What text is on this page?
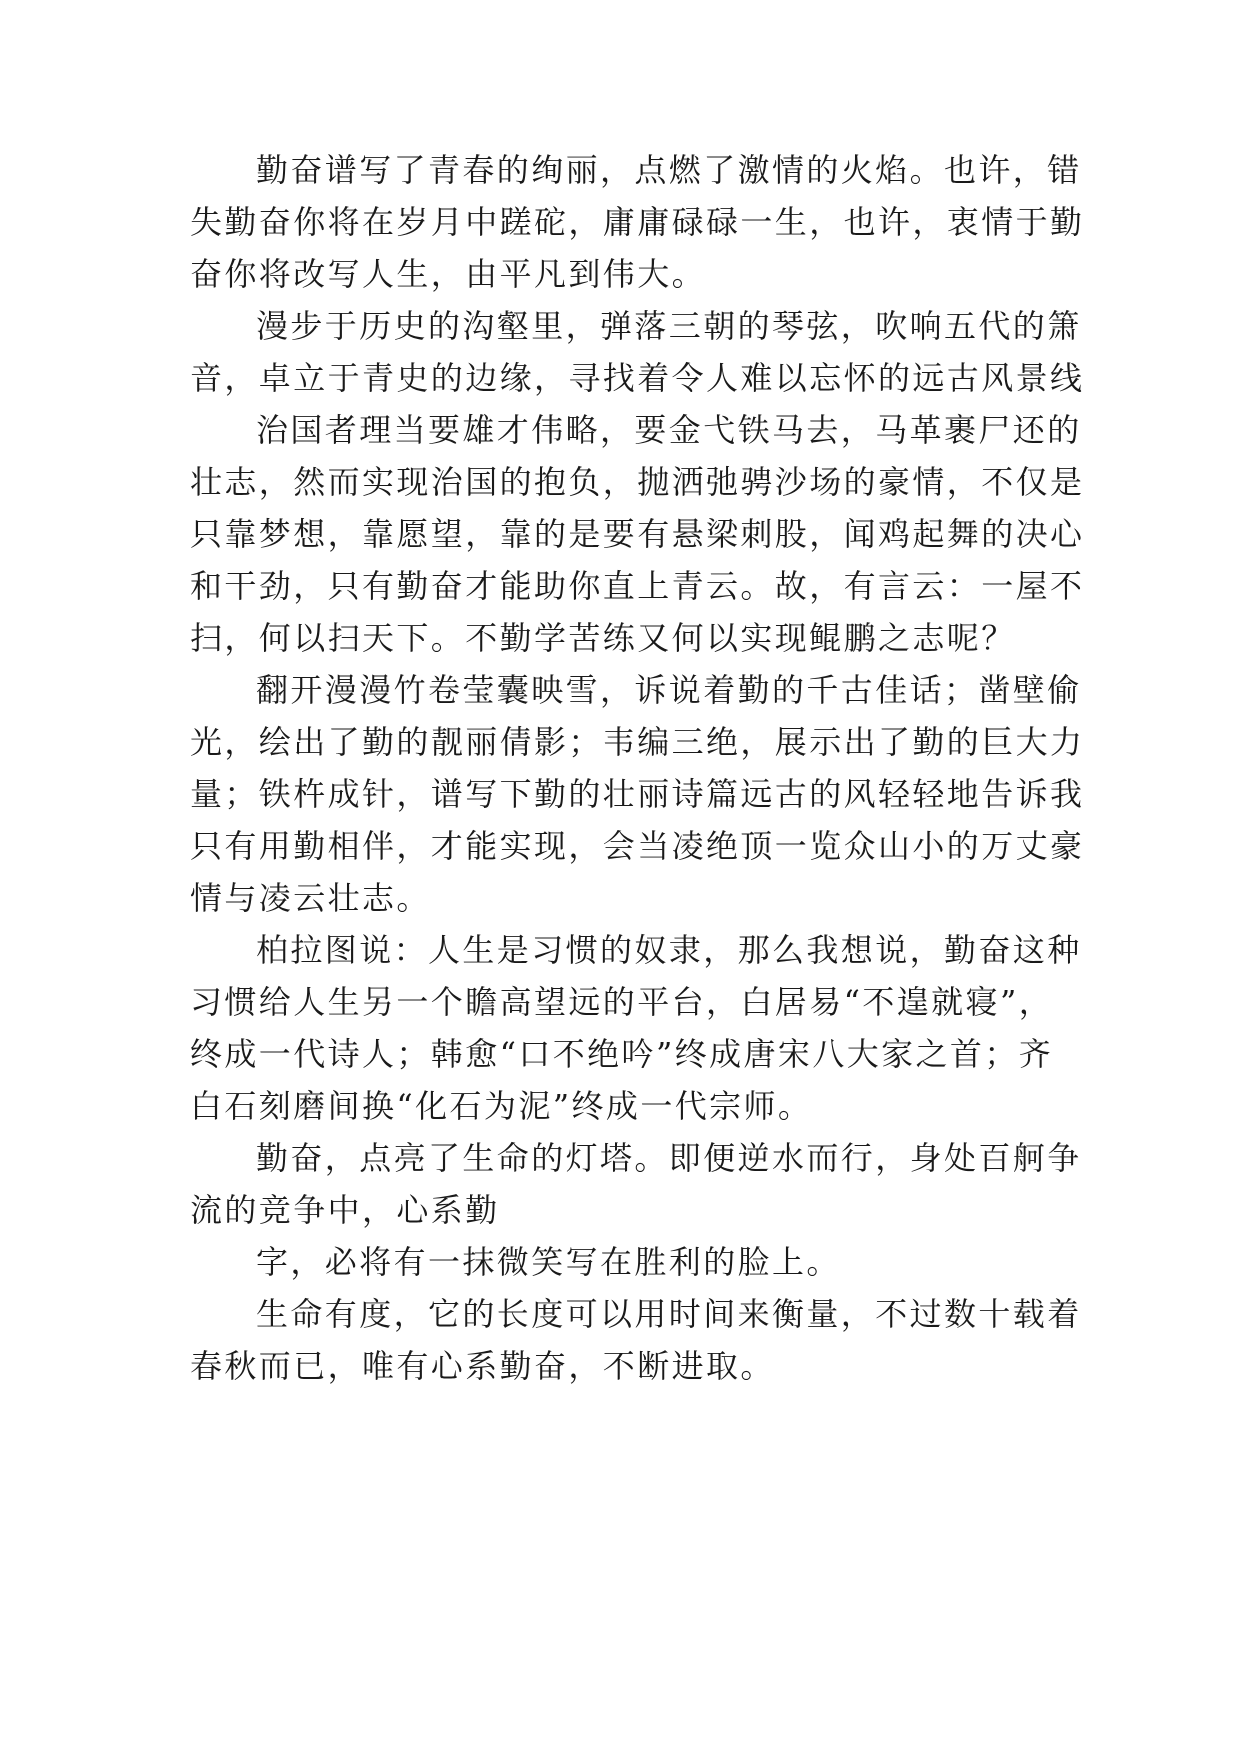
勤奋谱写了青春的绚丽，点燃了激情的火焰。也许，错
失勤奋你将在岁月中蹉砣，庸庸碌碌一生，也许，衷情于勤
奋你将改写人生，由平凡到伟大。
漫步于历史的沟壑里，弹落三朝的琴弦，吹响五代的箫
音，卓立于青史的边缘，寻找着令人难以忘怀的远古风景线
治国者理当要雄才伟略，要金弋铁马去，马革裹尸还的
壮志，然而实现治国的抱负，抛洒弛骋沙场的豪情，不仅是
只靠梦想，靠愿望，靠的是要有悬梁刺股，闻鸡起舞的决心
和干劲，只有勤奋才能助你直上青云。故，有言云：一屋不
扫，何以扫天下。不勤学苦练又何以实现鲲鹏之志呢？
翻开漫漫竹卷莹囊映雪，诉说着勤的千古佳话；凿壁偷
光，绘出了勤的靓丽倩影；韦编三绝，展示出了勤的巨大力
量；铁杵成针，谱写下勤的壮丽诗篇远古的风轻轻地告诉我
只有用勤相伴，才能实现，会当凌绝顶一览众山小的万丈豪
情与凌云壮志。
柏拉图说：人生是习惯的奴隶，那么我想说，勤奋这种
习惯给人生另一个瞻高望远的平台，白居易“不遑就寝”，
终成一代诗人；韩愈“口不绝吟”终成唐宋八大家之首；齐
白石刻磨间换“化石为泥”终成一代宗师。
勤奋，点亮了生命的灯塔。即便逆水而行，身处百舸争
流的竞争中，心系勤
字，必将有一抹微笑写在胜利的脸上。
生命有度，它的长度可以用时间来衡量，不过数十载着
春秋而已，唯有心系勤奋，不断进取。
